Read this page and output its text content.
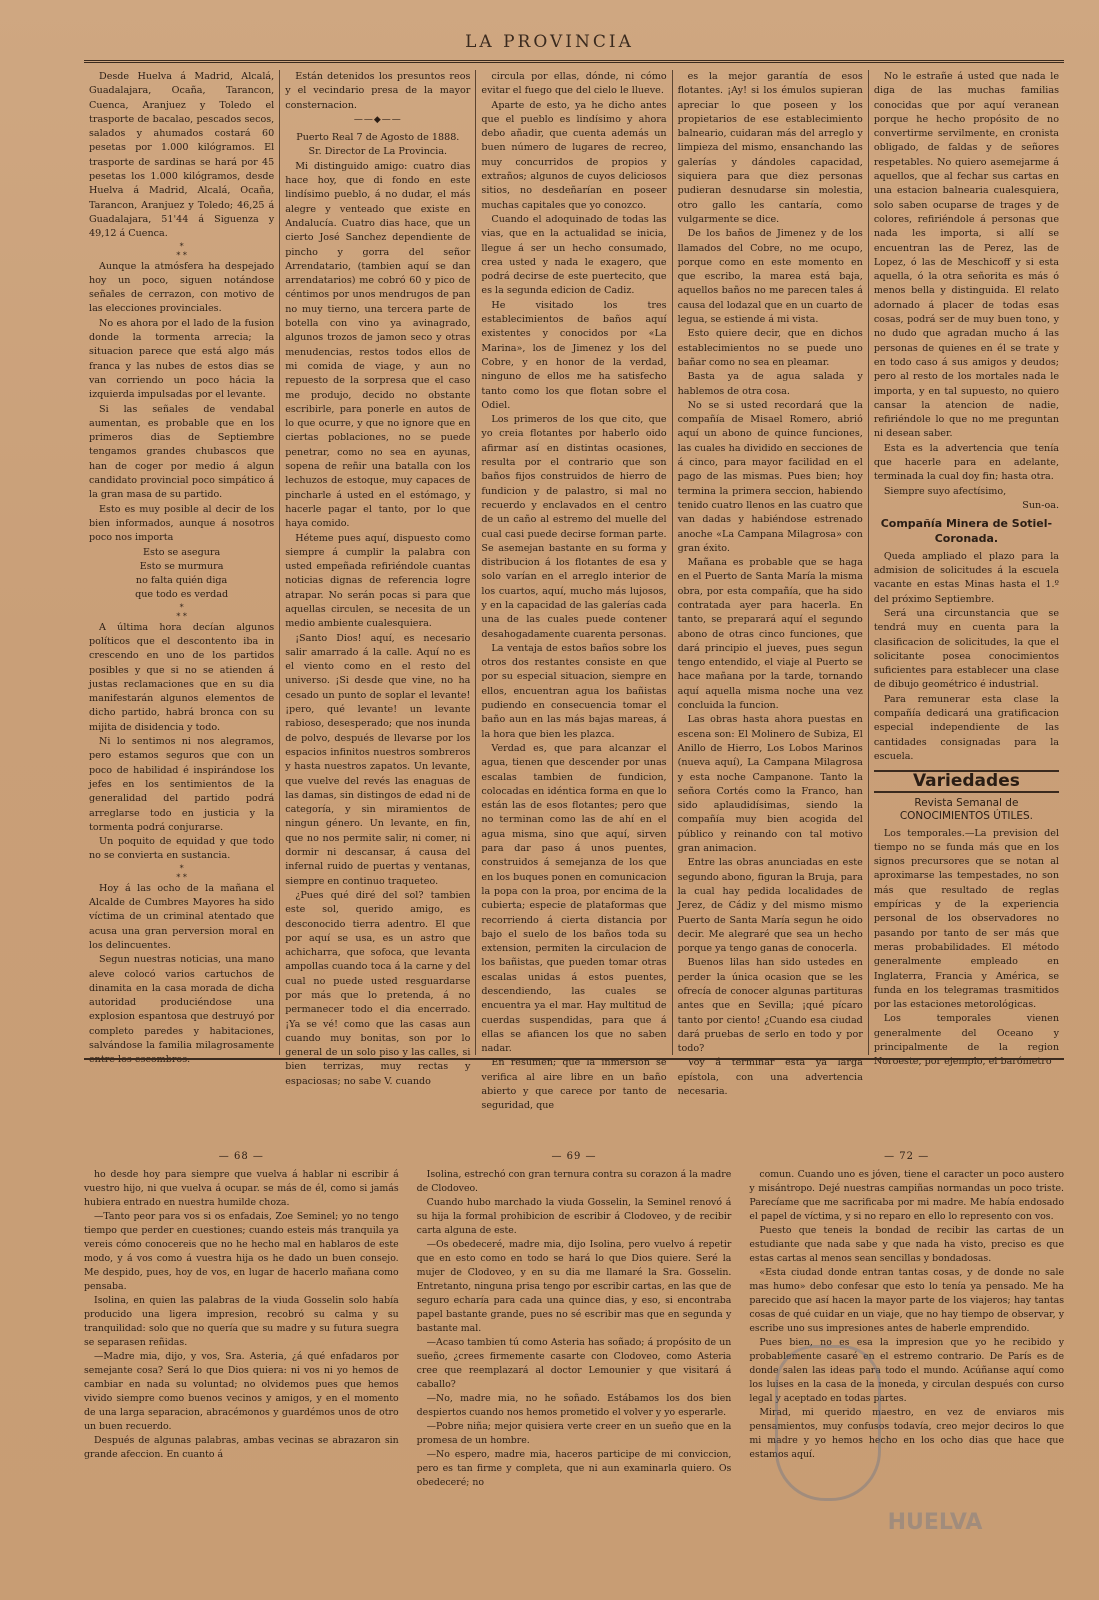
LA PROVINCIA

Desde Huelva á Madrid, Alcalá, Guadalajara, Ocaña, Tarancon, Cuenca, Aranjuez y Toledo el trasporte de bacalao, pescados secos, salados y ahumados costará 60 pesetas por 1.000 kilógramos. El trasporte de sardinas se hará por 45 pesetas los 1.000 kilógramos, desde Huelva á Madrid, Alcalá, Ocaña, Tarancon, Aranjuez y Toledo; 46,25 á Guadalajara, 51'44 á Siguenza y 49,12 á Cuenca.

*
* *

Aunque la atmósfera ha despejado hoy un poco, siguen notándose señales de cerrazon, con motivo de las elecciones provinciales.

No es ahora por el lado de la fusion donde la tormenta arrecia; la situacion parece que está algo más franca y las nubes de estos dias se van corriendo un poco hácia la izquierda impulsadas por el levante.

Si las señales de vendabal aumentan, es probable que en los primeros dias de Septiembre tengamos grandes chubascos que han de coger por medio á algun candidato provincial poco simpático á la gran masa de su partido.

Esto es muy posible al decir de los bien informados, aunque á nosotros poco nos importa

Esto se asegura

Esto se murmura

no falta quién diga

que todo es verdad

*
* *

A última hora decían algunos políticos que el descontento iba in crescendo en uno de los partidos posibles y que si no se atienden á justas reclamaciones que en su dia manifestarán algunos elementos de dicho partido, habrá bronca con su mijita de disidencia y todo.

Ni lo sentimos ni nos alegramos, pero estamos seguros que con un poco de habilidad é inspirándose los jefes en los sentimientos de la generalidad del partido podrá arreglarse todo en justicia y la tormenta podrá conjurarse.

Un poquito de equidad y que todo no se convierta en sustancia.

*
* *

Hoy á las ocho de la mañana el Alcalde de Cumbres Mayores ha sido víctima de un criminal atentado que acusa una gran perversion moral en los delincuentes.

Segun nuestras noticias, una mano aleve colocó varios cartuchos de dinamita en la casa morada de dicha autoridad produciéndose una explosion espantosa que destruyó por completo paredes y habitaciones, salvándose la familia milagrosamente entre los escombros.

Están detenidos los presuntos reos y el vecindario presa de la mayor consternacion.

——◆——

Puerto Real 7 de Agosto de 1888.

Sr. Director de La Provincia.

Mi distinguido amigo: cuatro dias hace hoy, que di fondo en este lindísimo pueblo, á no dudar, el más alegre y venteado que existe en Andalucía. Cuatro dias hace, que un cierto José Sanchez dependiente de pincho y gorra del señor Arrendatario, (tambien aquí se dan arrendatarios) me cobró 60 y pico de céntimos por unos mendrugos de pan no muy tierno, una tercera parte de botella con vino ya avinagrado, algunos trozos de jamon seco y otras menudencias, restos todos ellos de mi comida de viage, y aun no repuesto de la sorpresa que el caso me produjo, decido no obstante escribirle, para ponerle en autos de lo que ocurre, y que no ignore que en ciertas poblaciones, no se puede penetrar, como no sea en ayunas, sopena de reñir una batalla con los lechuzos de estoque, muy capaces de pincharle á usted en el estómago, y hacerle pagar el tanto, por lo que haya comido.

Héteme pues aquí, dispuesto como siempre á cumplir la palabra con usted empeñada refiriéndole cuantas noticias dignas de referencia logre atrapar. No serán pocas si para que aquellas circulen, se necesita de un medio ambiente cualesquiera.

¡Santo Dios! aquí, es necesario salir amarrado á la calle. Aquí no es el viento como en el resto del universo. ¡Si desde que vine, no ha cesado un punto de soplar el levante! ¡pero, qué levante! un levante rabioso, desesperado; que nos inunda de polvo, después de llevarse por los espacios infinitos nuestros sombreros y hasta nuestros zapatos. Un levante, que vuelve del revés las enaguas de las damas, sin distingos de edad ni de categoría, y sin miramientos de ningun género. Un levante, en fin, que no nos permite salir, ni comer, ni dormir ni descansar, á causa del infernal ruido de puertas y ventanas, siempre en continuo traqueteo.

¿Pues qué diré del sol? tambien este sol, querido amigo, es desconocido tierra adentro. El que por aquí se usa, es un astro que achicharra, que sofoca, que levanta ampollas cuando toca á la carne y del cual no puede usted resguardarse por más que lo pretenda, á no permanecer todo el dia encerrado. ¡Ya se vé! como que las casas aun cuando muy bonitas, son por lo general de un solo piso y las calles, si bien terrizas, muy rectas y espaciosas; no sabe V. cuando

circula por ellas, dónde, ni cómo evitar el fuego que del cielo le llueve.

Aparte de esto, ya he dicho antes que el pueblo es lindísimo y ahora debo añadir, que cuenta además un buen número de lugares de recreo, muy concurridos de propios y extraños; algunos de cuyos deliciosos sitios, no desdeñarían en poseer muchas capitales que yo conozco.

Cuando el adoquinado de todas las vias, que en la actualidad se inicia, llegue á ser un hecho consumado, crea usted y nada le exagero, que podrá decirse de este puertecito, que es la segunda edicion de Cadiz.

He visitado los tres establecimientos de baños aquí existentes y conocidos por «La Marina», los de Jimenez y los del Cobre, y en honor de la verdad, ninguno de ellos me ha satisfecho tanto como los que flotan sobre el Odiel.

Los primeros de los que cito, que yo creia flotantes por haberlo oido afirmar así en distintas ocasiones, resulta por el contrario que son baños fijos construidos de hierro de fundicion y de palastro, si mal no recuerdo y enclavados en el centro de un caño al estremo del muelle del cual casi puede decirse forman parte. Se asemejan bastante en su forma y distribucion á los flotantes de esa y solo varían en el arreglo interior de los cuartos, aquí, mucho más lujosos, y en la capacidad de las galerías cada una de las cuales puede contener desahogadamente cuarenta personas.

La ventaja de estos baños sobre los otros dos restantes consiste en que por su especial situacion, siempre en ellos, encuentran agua los bañistas pudiendo en consecuencia tomar el baño aun en las más bajas mareas, á la hora que bien les plazca.

Verdad es, que para alcanzar el agua, tienen que descender por unas escalas tambien de fundicion, colocadas en idéntica forma en que lo están las de esos flotantes; pero que no terminan como las de ahí en el agua misma, sino que aquí, sirven para dar paso á unos puentes, construidos á semejanza de los que en los buques ponen en comunicacion la popa con la proa, por encima de la cubierta; especie de plataformas que recorriendo á cierta distancia por bajo el suelo de los baños toda su extension, permiten la circulacion de los bañistas, que pueden tomar otras escalas unidas á estos puentes, descendiendo, las cuales se encuentra ya el mar. Hay multitud de cuerdas suspendidas, para que á ellas se afiancen los que no saben nadar.

En resumen; que la inmersion se verifica al aire libre en un baño abierto y que carece por tanto de seguridad, que

es la mejor garantía de esos flotantes. ¡Ay! si los émulos supieran apreciar lo que poseen y los propietarios de ese establecimiento balneario, cuidaran más del arreglo y limpieza del mismo, ensanchando las galerías y dándoles capacidad, siquiera para que diez personas pudieran desnudarse sin molestia, otro gallo les cantaría, como vulgarmente se dice.

De los baños de Jimenez y de los llamados del Cobre, no me ocupo, porque como en este momento en que escribo, la marea está baja, aquellos baños no me parecen tales á causa del lodazal que en un cuarto de legua, se estiende á mi vista.

Esto quiere decir, que en dichos establecimientos no se puede uno bañar como no sea en pleamar.

Basta ya de agua salada y hablemos de otra cosa.

No se si usted recordará que la compañía de Misael Romero, abrió aquí un abono de quince funciones, las cuales ha dividido en secciones de á cinco, para mayor facilidad en el pago de las mismas. Pues bien; hoy termina la primera seccion, habiendo tenido cuatro llenos en las cuatro que van dadas y habiéndose estrenado anoche «La Campana Milagrosa» con gran éxito.

Mañana es probable que se haga en el Puerto de Santa María la misma obra, por esta compañía, que ha sido contratada ayer para hacerla. En tanto, se preparará aquí el segundo abono de otras cinco funciones, que dará principio el jueves, pues segun tengo entendido, el viaje al Puerto se hace mañana por la tarde, tornando aquí aquella misma noche una vez concluida la funcion.

Las obras hasta ahora puestas en escena son: El Molinero de Subiza, El Anillo de Hierro, Los Lobos Marinos (nueva aquí), La Campana Milagrosa y esta noche Campanone. Tanto la señora Cortés como la Franco, han sido aplaudidísimas, siendo la compañía muy bien acogida del público y reinando con tal motivo gran animacion.

Entre las obras anunciadas en este segundo abono, figuran la Bruja, para la cual hay pedida localidades de Jerez, de Cádiz y del mismo mismo Puerto de Santa María segun he oido decir. Me alegraré que sea un hecho porque ya tengo ganas de conocerla.

Buenos lilas han sido ustedes en perder la única ocasion que se les ofrecía de conocer algunas partituras antes que en Sevilla; ¡qué pícaro tanto por ciento! ¿Cuando esa ciudad dará pruebas de serlo en todo y por todo?

Voy á terminar esta ya larga epístola, con una advertencia necesaria.

No le estrañe á usted que nada le diga de las muchas familias conocidas que por aquí veranean porque he hecho propósito de no convertirme servilmente, en cronista obligado, de faldas y de señores respetables. No quiero asemejarme á aquellos, que al fechar sus cartas en una estacion balnearia cualesquiera, solo saben ocuparse de trages y de colores, refiriéndole á personas que nada les importa, si allí se encuentran las de Perez, las de Lopez, ó las de Meschicoff y si esta aquella, ó la otra señorita es más ó menos bella y distinguida. El relato adornado á placer de todas esas cosas, podrá ser de muy buen tono, y no dudo que agradan mucho á las personas de quienes en él se trate y en todo caso á sus amigos y deudos; pero al resto de los mortales nada le importa, y en tal supuesto, no quiero cansar la atencion de nadie, refiriéndole lo que no me preguntan ni desean saber.

Esta es la advertencia que tenía que hacerle para en adelante, terminada la cual doy fin; hasta otra.

Siempre suyo afectísimo,

Sun-oa.

Compañía Minera de Sotiel-Coronada.

Queda ampliado el plazo para la admision de solicitudes á la escuela vacante en estas Minas hasta el 1.º del próximo Septiembre.

Será una circunstancia que se tendrá muy en cuenta para la clasificacion de solicitudes, la que el solicitante posea conocimientos suficientes para establecer una clase de dibujo geométrico é industrial.

Para remunerar esta clase la compañía dedicará una gratificacion especial independiente de las cantidades consignadas para la escuela.

Variedades
Revista Semanal de
CONOCIMIENTOS ÚTILES.

Los temporales.—La prevision del tiempo no se funda más que en los signos precursores que se notan al aproximarse las tempestades, no son más que resultado de reglas empíricas y de la experiencia personal de los observadores no pasando por tanto de ser más que meras probabilidades. El método generalmente empleado en Inglaterra, Francia y América, se funda en los telegramas trasmitidos por las estaciones metorológicas.

Los temporales vienen generalmente del Oceano y principalmente de la region Noroeste, por ejemplo, el barómetro

— 68 —

ho desde hoy para siempre que vuelva á hablar ni escribir á vuestro hijo, ni que vuelva á ocupar. se más de él, como si jamás hubiera entrado en nuestra humilde choza.

—Tanto peor para vos si os enfadais, Zoe Seminel; yo no tengo tiempo que perder en cuestiones; cuando esteis más tranquila ya vereis cómo conocereis que no he hecho mal en hablaros de este modo, y á vos como á vuestra hija os he dado un buen consejo. Me despido, pues, hoy de vos, en lugar de hacerlo mañana como pensaba.

Isolina, en quien las palabras de la viuda Gosselin solo había producido una ligera impresion, recobró su calma y su tranquilidad: solo que no quería que su madre y su futura suegra se separasen reñidas.

—Madre mia, dijo, y vos, Sra. Asteria, ¿á qué enfadaros por semejante cosa? Será lo que Dios quiera: ni vos ni yo hemos de cambiar en nada su voluntad; no olvidemos pues que hemos vivido siempre como buenos vecinos y amigos, y en el momento de una larga separacion, abracémonos y guardémos unos de otro un buen recuerdo.

Después de algunas palabras, ambas vecinas se abrazaron sin grande afeccion. En cuanto á

— 69 —

Isolina, estrechó con gran ternura contra su corazon á la madre de Clodoveo.

Cuando hubo marchado la viuda Gosselin, la Seminel renovó á su hija la formal prohibicion de escribir á Clodoveo, y de recibir carta alguna de este.

—Os obedeceré, madre mia, dijo Isolina, pero vuelvo á repetir que en esto como en todo se hará lo que Dios quiere. Seré la mujer de Clodoveo, y en su dia me llamaré la Sra. Gosselin. Entretanto, ninguna prisa tengo por escribir cartas, en las que de seguro echaría para cada una quince dias, y eso, si encontraba papel bastante grande, pues no sé escribir mas que en segunda y bastante mal.

—Acaso tambien tú como Asteria has soñado; á propósito de un sueño, ¿crees firmemente casarte con Clodoveo, como Asteria cree que reemplazará al doctor Lemounier y que visitará á caballo?

—No, madre mia, no he soñado. Estábamos los dos bien despiertos cuando nos hemos prometido el volver y yo esperarle.

—Pobre niña; mejor quisiera verte creer en un sueño que en la promesa de un hombre.

—No espero, madre mia, haceros participe de mi conviccion, pero es tan firme y completa, que ni aun examinarla quiero. Os obedeceré; no

— 72 —

comun. Cuando uno es jóven, tiene el caracter un poco austero y misántropo. Dejé nuestras campiñas normandas un poco triste. Parecíame que me sacrificaba por mi madre. Me había endosado el papel de víctima, y si no reparo en ello lo represento con vos.

Puesto que teneis la bondad de recibir las cartas de un estudiante que nada sabe y que nada ha visto, preciso es que estas cartas al menos sean sencillas y bondadosas.

«Esta ciudad donde entran tantas cosas, y de donde no sale mas humo» debo confesar que esto lo tenía ya pensado. Me ha parecido que así hacen la mayor parte de los viajeros; hay tantas cosas de qué cuidar en un viaje, que no hay tiempo de observar, y escribe uno sus impresiones antes de haberle emprendido.

Pues bien, no es esa la impresion que yo he recibido y probablemente casaré en el estremo contrario. De París es de donde salen las ideas para todo el mundo. Acúñanse aquí como los luises en la casa de la moneda, y circulan después con curso legal y aceptado en todas partes.

Mirad, mi querido maestro, en vez de enviaros mis pensamientos, muy confusos todavía, creo mejor deciros lo que mi madre y yo hemos hecho en los ocho dias que hace que estamos aquí.

HUELVA
